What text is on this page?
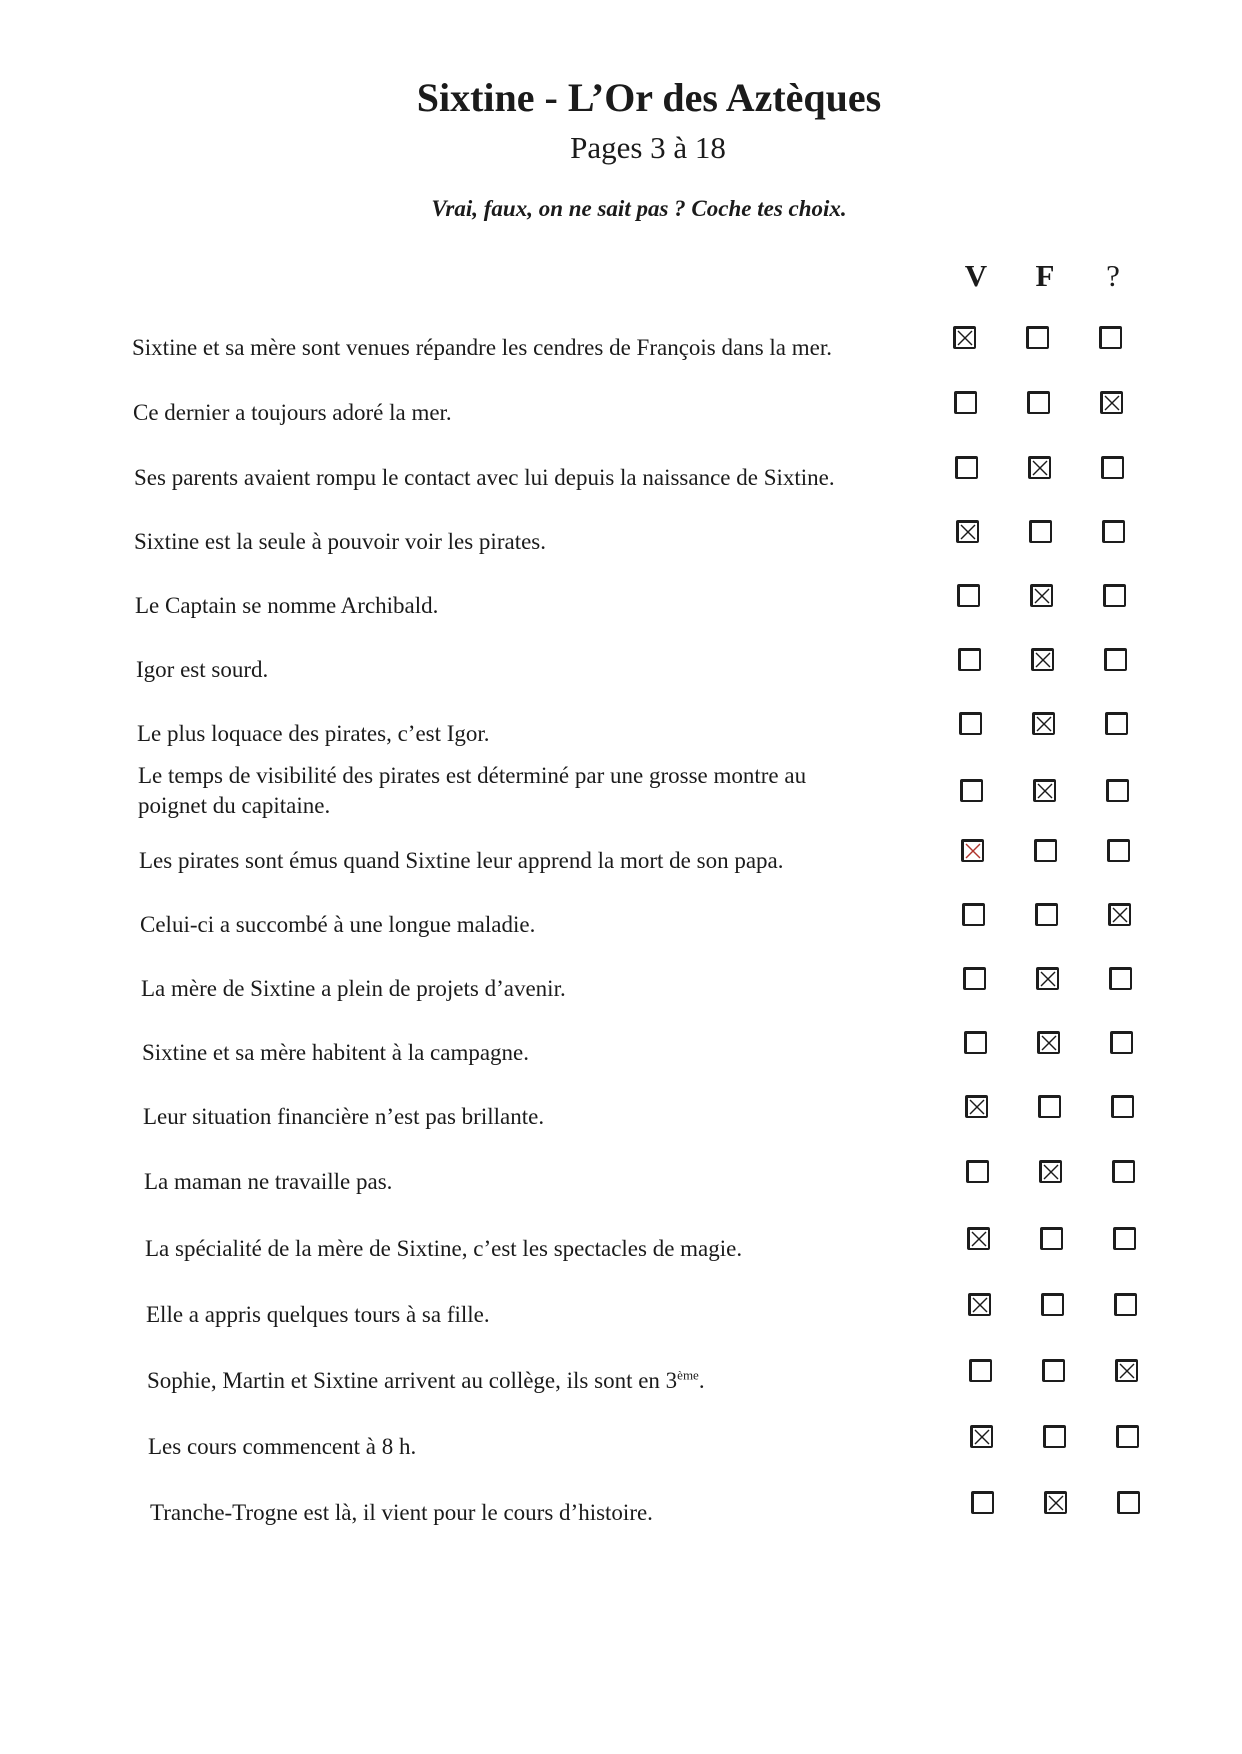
Sixtine - L’Or des Aztèques
Pages 3 à 18
Vrai, faux, on ne sait pas ? Coche tes choix.
V	F	?
Sixtine et sa mère sont venues répandre les cendres de François dans la mer.
Ce dernier a toujours adoré la mer.
Ses parents avaient rompu le contact avec lui depuis la naissance de Sixtine.
Sixtine est la seule à pouvoir voir les pirates.
Le Captain se nomme Archibald.
Igor est sourd.
Le plus loquace des pirates, c’est Igor.
Le temps de visibilité des pirates est déterminé par une grosse montre au
poignet du capitaine.
Les pirates sont émus quand Sixtine leur apprend la mort de son papa.
Celui-ci a succombé à une longue maladie.
La mère de Sixtine a plein de projets d’avenir.
Sixtine et sa mère habitent à la campagne.
Leur situation financière n’est pas brillante.
La maman ne travaille pas.
La spécialité de la mère de Sixtine, c’est les spectacles de magie.
Elle a appris quelques tours à sa fille.
Sophie, Martin et Sixtine arrivent au collège, ils sont en 3ème.
Les cours commencent à 8 h.
Tranche-Trogne est là, il vient pour le cours d’histoire.
